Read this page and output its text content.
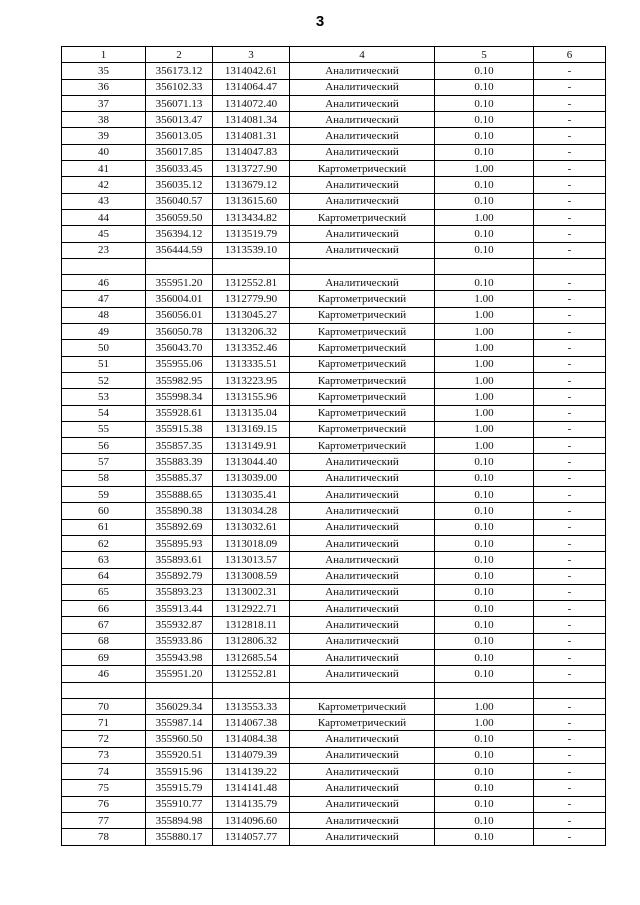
3
1	2	3	4	5	6
35	356173.12	1314042.61	Аналитический	0.10	-
36	356102.33	1314064.47	Аналитический	0.10	-
37	356071.13	1314072.40	Аналитический	0.10	-
38	356013.47	1314081.34	Аналитический	0.10	-
39	356013.05	1314081.31	Аналитический	0.10	-
40	356017.85	1314047.83	Аналитический	0.10	-
41	356033.45	1313727.90	Картометрический	1.00	-
42	356035.12	1313679.12	Аналитический	0.10	-
43	356040.57	1313615.60	Аналитический	0.10	-
44	356059.50	1313434.82	Картометрический	1.00	-
45	356394.12	1313519.79	Аналитический	0.10	-
23	356444.59	1313539.10	Аналитический	0.10	-

46	355951.20	1312552.81	Аналитический	0.10	-
47	356004.01	1312779.90	Картометрический	1.00	-
48	356056.01	1313045.27	Картометрический	1.00	-
49	356050.78	1313206.32	Картометрический	1.00	-
50	356043.70	1313352.46	Картометрический	1.00	-
51	355955.06	1313335.51	Картометрический	1.00	-
52	355982.95	1313223.95	Картометрический	1.00	-
53	355998.34	1313155.96	Картометрический	1.00	-
54	355928.61	1313135.04	Картометрический	1.00	-
55	355915.38	1313169.15	Картометрический	1.00	-
56	355857.35	1313149.91	Картометрический	1.00	-
57	355883.39	1313044.40	Аналитический	0.10	-
58	355885.37	1313039.00	Аналитический	0.10	-
59	355888.65	1313035.41	Аналитический	0.10	-
60	355890.38	1313034.28	Аналитический	0.10	-
61	355892.69	1313032.61	Аналитический	0.10	-
62	355895.93	1313018.09	Аналитический	0.10	-
63	355893.61	1313013.57	Аналитический	0.10	-
64	355892.79	1313008.59	Аналитический	0.10	-
65	355893.23	1313002.31	Аналитический	0.10	-
66	355913.44	1312922.71	Аналитический	0.10	-
67	355932.87	1312818.11	Аналитический	0.10	-
68	355933.86	1312806.32	Аналитический	0.10	-
69	355943.98	1312685.54	Аналитический	0.10	-
46	355951.20	1312552.81	Аналитический	0.10	-

70	356029.34	1313553.33	Картометрический	1.00	-
71	355987.14	1314067.38	Картометрический	1.00	-
72	355960.50	1314084.38	Аналитический	0.10	-
73	355920.51	1314079.39	Аналитический	0.10	-
74	355915.96	1314139.22	Аналитический	0.10	-
75	355915.79	1314141.48	Аналитический	0.10	-
76	355910.77	1314135.79	Аналитический	0.10	-
77	355894.98	1314096.60	Аналитический	0.10	-
78	355880.17	1314057.77	Аналитический	0.10	-
